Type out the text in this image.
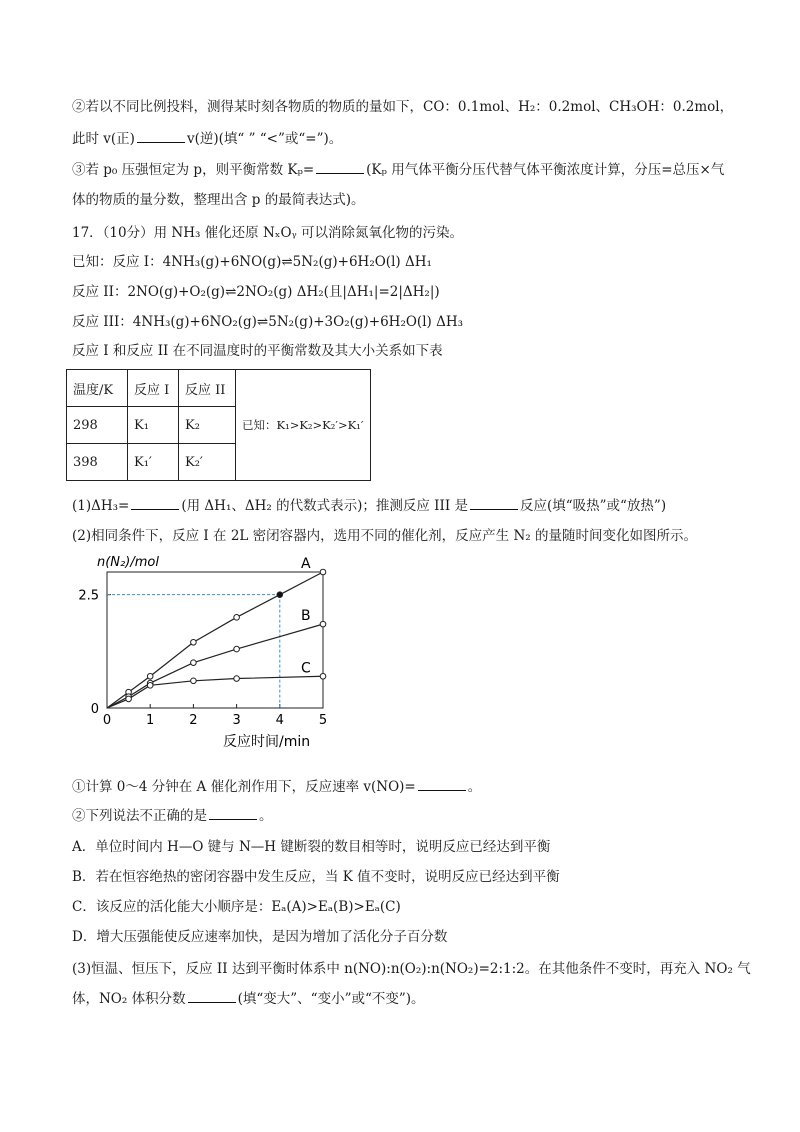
②若以不同比例投料，测得某时刻各物质的物质的量如下，CO：0.1mol、H₂：0.2mol、CH₃OH：0.2mol，
此时 v(正)	v(逆)(填“ ” “<”或“=”)。
③若 p₀ 压强恒定为 p，则平衡常数 Kₚ=	(Kₚ 用气体平衡分压代替气体平衡浓度计算，分压=总压×气
体的物质的量分数，整理出含 p 的最简表达式)。
17．（10分）用 NH₃ 催化还原 NₓOᵧ 可以消除氮氧化物的污染。
已知：反应 I：4NH₃(g)+6NO(g)⇌5N₂(g)+6H₂O(l) ΔH₁
反应 II：2NO(g)+O₂(g)⇌2NO₂(g) ΔH₂(且|ΔH₁|=2|ΔH₂|)
反应 III：4NH₃(g)+6NO₂(g)⇌5N₂(g)+3O₂(g)+6H₂O(l) ΔH₃
反应 I 和反应 II 在不同温度时的平衡常数及其大小关系如下表
温度/K	反应 I	反应 II	已知：K₁>K₂>K₂′>K₁′
298	K₁	K₂	
398	K₁′	K₂′	
(1)ΔH₃=	(用 ΔH₁、ΔH₂ 的代数式表示)；推测反应 III 是	反应(填“吸热”或“放热”)
(2)相同条件下，反应 I 在 2L 密闭容器内，选用不同的催化剂，反应产生 N₂ 的量随时间变化如图所示。
n(N₂)/mol
反应时间/min
0	1	2	3	4	5
0
2.5
A
B
C
①计算 0～4 分钟在 A 催化剂作用下，反应速率 v(NO)=	。
②下列说法不正确的是	。
A．单位时间内 H—O 键与 N—H 键断裂的数目相等时，说明反应已经达到平衡
B．若在恒容绝热的密闭容器中发生反应，当 K 值不变时，说明反应已经达到平衡
C．该反应的活化能大小顺序是：Eₐ(A)>Eₐ(B)>Eₐ(C)
D．增大压强能使反应速率加快，是因为增加了活化分子百分数
(3)恒温、恒压下，反应 II 达到平衡时体系中 n(NO):n(O₂):n(NO₂)=2:1:2。在其他条件不变时，再充入 NO₂ 气
体，NO₂ 体积分数	(填“变大”、“变小”或“不变”)。
